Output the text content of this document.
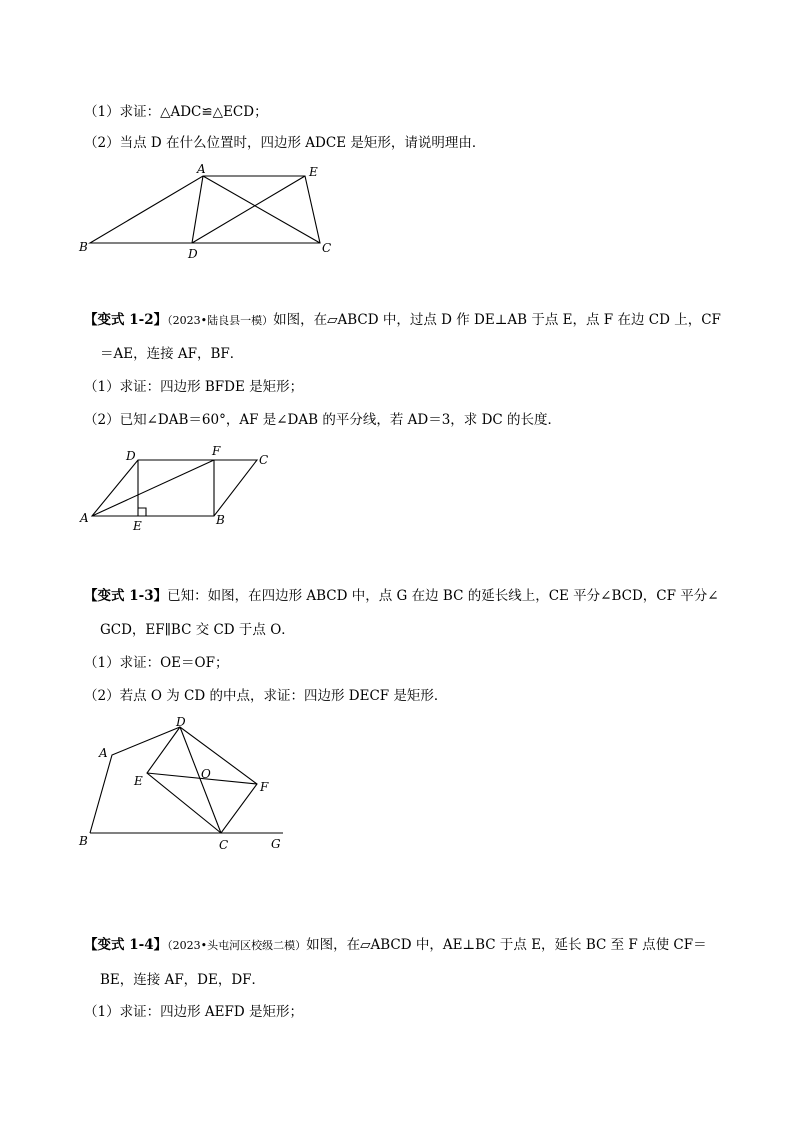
（1）求证：△ADC≌△ECD；
（2）当点 D 在什么位置时，四边形 ADCE 是矩形，请说明理由．
A	E
B	D	C
【变式 1-2】（2023•陆良县一模）如图，在▱ABCD 中，过点 D 作 DE⊥AB 于点 E，点 F 在边 CD 上，CF
＝AE，连接 AF，BF．
（1）求证：四边形 BFDE 是矩形；
（2）已知∠DAB＝60°，AF 是∠DAB 的平分线，若 AD＝3，求 DC 的长度．
D	F
C
A
E	B
【变式 1-3】已知：如图，在四边形 ABCD 中，点 G 在边 BC 的延长线上，CE 平分∠BCD，CF 平分∠
GCD，EF∥BC 交 CD 于点 O．
（1）求证：OE＝OF；
（2）若点 O 为 CD 的中点，求证：四边形 DECF 是矩形．
D
A
O
E	F
B	C	G
【变式 1-4】（2023•头屯河区校级二模）如图，在▱ABCD 中，AE⊥BC 于点 E，延长 BC 至 F 点使 CF＝
BE，连接 AF，DE，DF．
（1）求证：四边形 AEFD 是矩形；
